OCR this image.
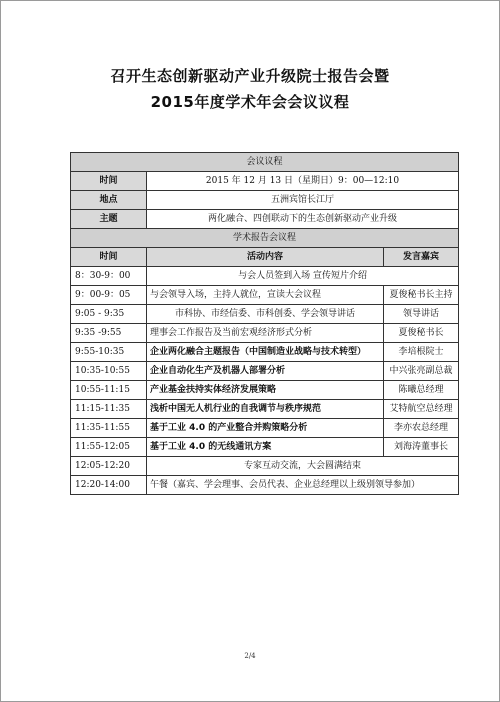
召开生态创新驱动产业升级院士报告会暨
2015年度学术年会会议议程
会议议程		
时间	2015 年 12 月 13 日（星期日）9：00—12:10	
地点	五洲宾馆长江厅	
主题	两化融合、四创联动下的生态创新驱动产业升级	
学术报告会议程		
时间	活动内容	发言嘉宾
8：30-9：00	与会人员签到入场 宣传短片介绍	
9：00-9：05	与会领导入场，主持人就位，宣读大会议程	夏俊秘书长主持
9:05 - 9:35	市科协、市经信委、市科创委、学会领导讲话	领导讲话
9:35 -9:55	理事会工作报告及当前宏观经济形式分析	夏俊秘书长
9:55-10:35	企业两化融合主题报告（中国制造业战略与技术转型）	李培根院士
10:35-10:55	企业自动化生产及机器人部署分析	中兴张亮副总裁
10:55-11:15	产业基金扶持实体经济发展策略	陈曦总经理
11:15-11:35	浅析中国无人机行业的自我调节与秩序规范	艾特航空总经理
11:35-11:55	基于工业 4.0 的产业整合并购策略分析	李亦农总经理
11:55-12:05	基于工业 4.0 的无线通讯方案	刘海涛董事长
12:05-12:20	专家互动交流，大会圆满结束	
12:20-14:00	午餐（嘉宾、学会理事、会员代表、企业总经理以上级别领导参加）	
2/4
